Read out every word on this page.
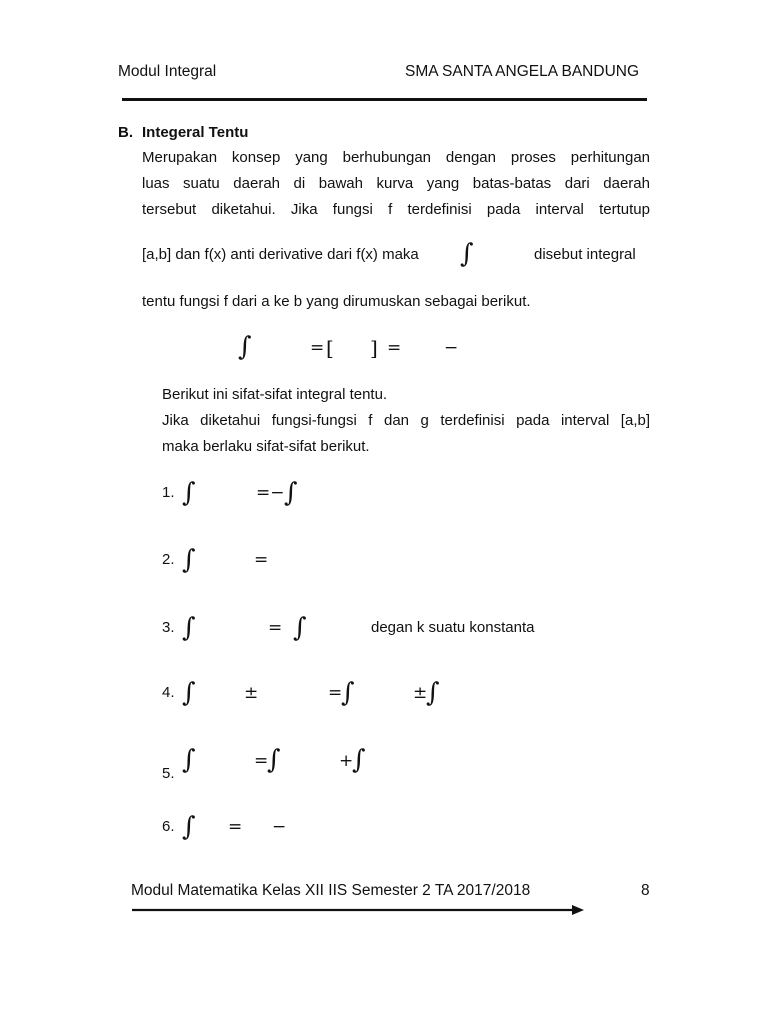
Modul Integral	SMA SANTA ANGELA BANDUNG
B. Integeral Tentu
Merupakan konsep yang berhubungan dengan proses perhitungan
luas suatu daerah di bawah kurva yang batas-batas dari daerah
tersebut diketahui. Jika fungsi f terdefinisi pada interval tertutup
[a,b] dan f(x) anti derivative dari f(x) maka ∫	disebut integral
tentu fungsi f dari a ke b yang dirumuskan sebagai berikut.
∫	= [ ] =	−
Berikut ini sifat-sifat integral tentu.
Jika diketahui fungsi-fungsi f dan g terdefinisi pada interval [a,b]
maka berlaku sifat-sifat berikut.
1. ∫	=− ∫
2. ∫	=
3. ∫	= ∫	degan k suatu konstanta
4. ∫	±	=
∫	±
∫
5. ∫	=
∫	+
∫
6. ∫ = −
Modul Matematika Kelas XII IIS Semester 2 TA 2017/2018	8
